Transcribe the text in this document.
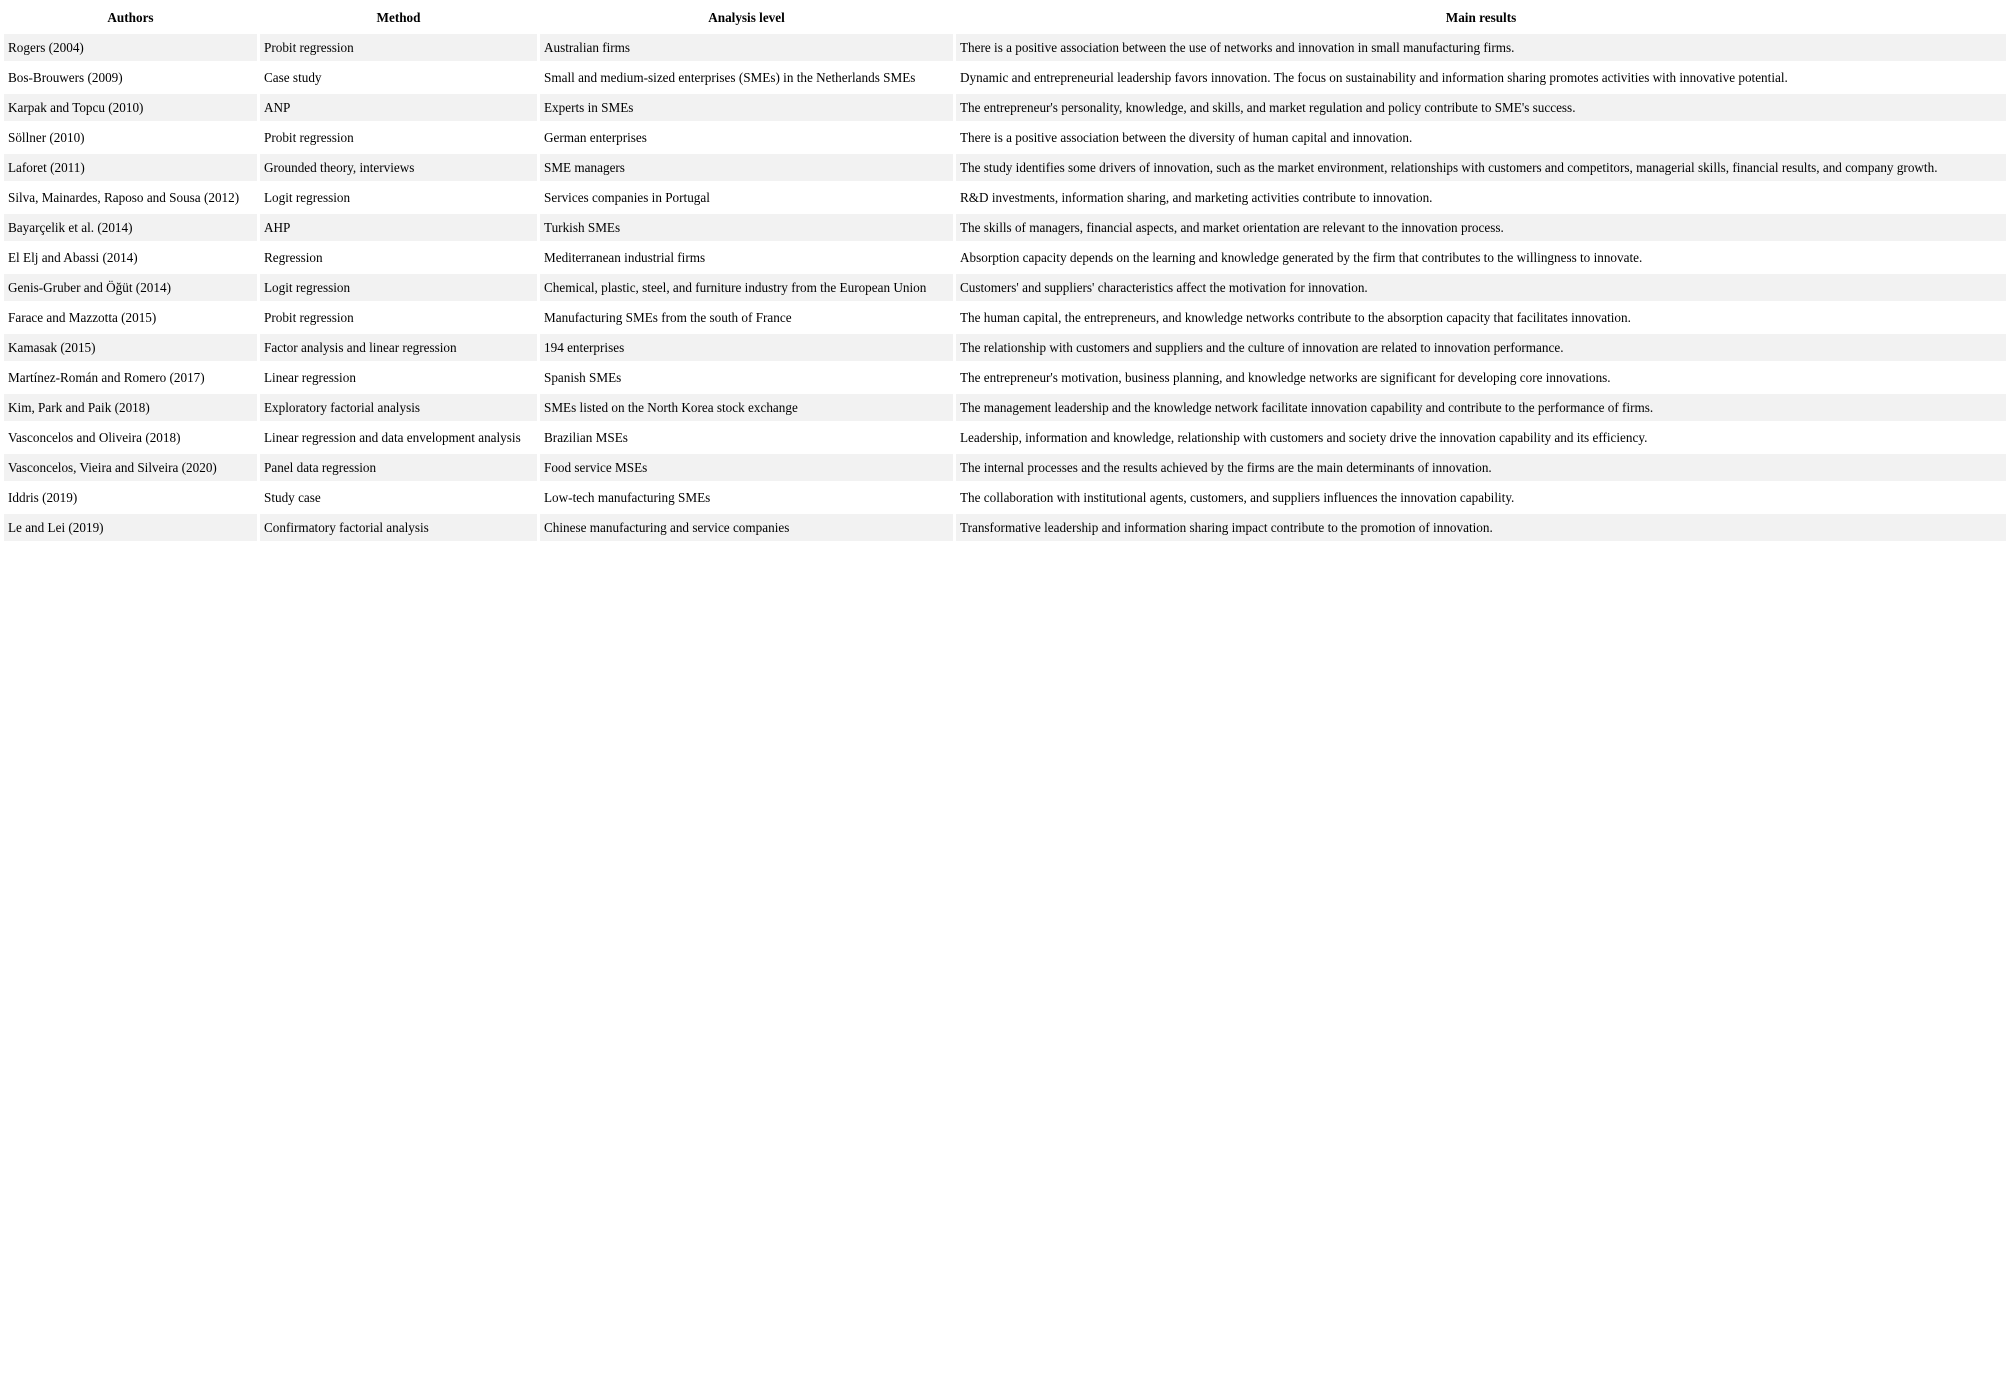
Authors	Method	Analysis level	Main results
Rogers (2004)	Probit regression	Australian firms	There is a positive association between the use of networks and innovation in small manufacturing firms.
Bos-Brouwers (2009)	Case study	Small and medium-sized enterprises (SMEs) in the Netherlands SMEs	Dynamic and entrepreneurial leadership favors innovation. The focus on sustainability and information sharing promotes activities with innovative potential.
Karpak and Topcu (2010)	ANP	Experts in SMEs	The entrepreneur's personality, knowledge, and skills, and market regulation and policy contribute to SME's success.
Söllner (2010)	Probit regression	German enterprises	There is a positive association between the diversity of human capital and innovation.
Laforet (2011)	Grounded theory, interviews	SME managers	The study identifies some drivers of innovation, such as the market environment, relationships with customers and competitors, managerial skills, financial results, and company growth.
Silva, Mainardes, Raposo and Sousa (2012)	Logit regression	Services companies in Portugal	R&D investments, information sharing, and marketing activities contribute to innovation.
Bayarçelik et al. (2014)	AHP	Turkish SMEs	The skills of managers, financial aspects, and market orientation are relevant to the innovation process.
El Elj and Abassi (2014)	Regression	Mediterranean industrial firms	Absorption capacity depends on the learning and knowledge generated by the firm that contributes to the willingness to innovate.
Genis-Gruber and Öğüt (2014)	Logit regression	Chemical, plastic, steel, and furniture industry from the European Union	Customers' and suppliers' characteristics affect the motivation for innovation.
Farace and Mazzotta (2015)	Probit regression	Manufacturing SMEs from the south of France	The human capital, the entrepreneurs, and knowledge networks contribute to the absorption capacity that facilitates innovation.
Kamasak (2015)	Factor analysis and linear regression	194 enterprises	The relationship with customers and suppliers and the culture of innovation are related to innovation performance.
Martínez-Román and Romero (2017)	Linear regression	Spanish SMEs	The entrepreneur's motivation, business planning, and knowledge networks are significant for developing core innovations.
Kim, Park and Paik (2018)	Exploratory factorial analysis	SMEs listed on the North Korea stock exchange	The management leadership and the knowledge network facilitate innovation capability and contribute to the performance of firms.
Vasconcelos and Oliveira (2018)	Linear regression and data envelopment analysis	Brazilian MSEs	Leadership, information and knowledge, relationship with customers and society drive the innovation capability and its efficiency.
Vasconcelos, Vieira and Silveira (2020)	Panel data regression	Food service MSEs	The internal processes and the results achieved by the firms are the main determinants of innovation.
Iddris (2019)	Study case	Low-tech manufacturing SMEs	The collaboration with institutional agents, customers, and suppliers influences the innovation capability.
Le and Lei (2019)	Confirmatory factorial analysis	Chinese manufacturing and service companies	Transformative leadership and information sharing impact contribute to the promotion of innovation.
